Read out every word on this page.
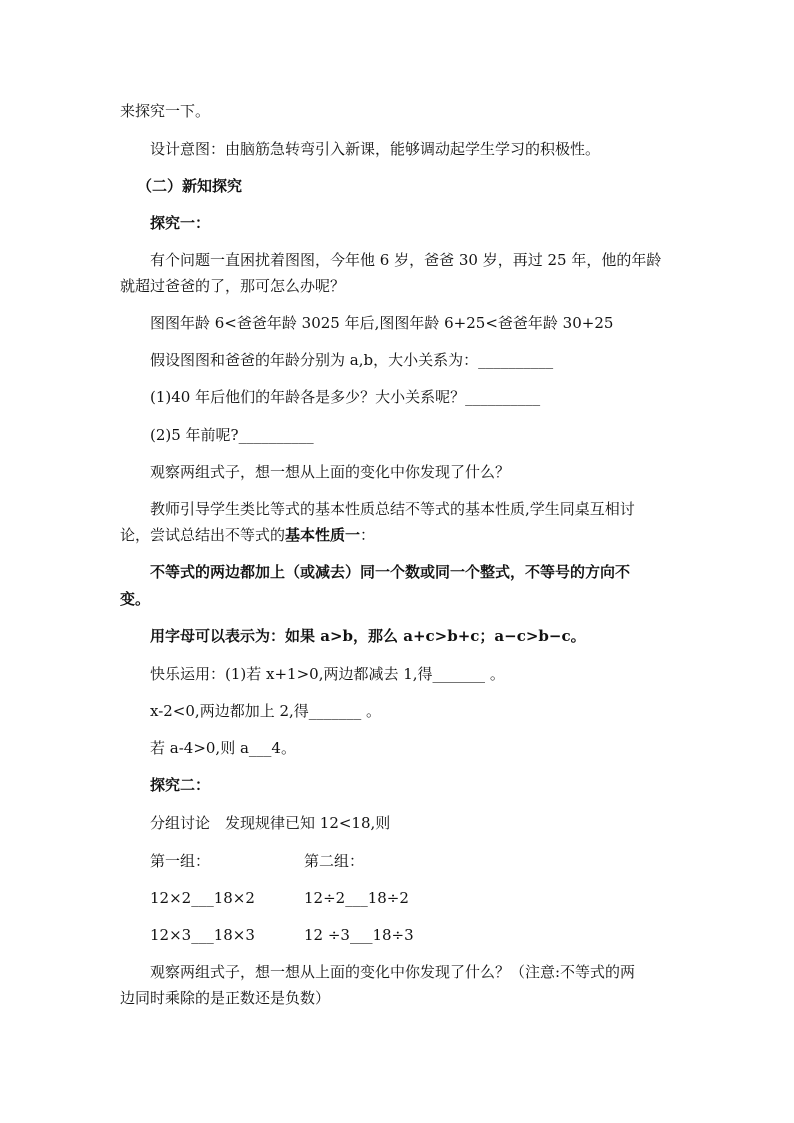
来探究一下。
设计意图：由脑筋急转弯引入新课，能够调动起学生学习的积极性。
（二）新知探究
探究一：
有个问题一直困扰着图图，今年他 6 岁，爸爸 30 岁，再过 25 年，他的年龄
就超过爸爸的了，那可怎么办呢？
图图年龄 6<爸爸年龄 3025 年后,图图年龄 6+25<爸爸年龄 30+25
假设图图和爸爸的年龄分别为 a,b，大小关系为：__________
(1)40 年后他们的年龄各是多少？大小关系呢？__________
(2)5 年前呢?__________
观察两组式子，想一想从上面的变化中你发现了什么？
教师引导学生类比等式的基本性质总结不等式的基本性质,学生同桌互相讨
论，尝试总结出不等式的基本性质一：
不等式的两边都加上（或减去）同一个数或同一个整式，不等号的方向不
变。
用字母可以表示为：如果 a>b，那么 a+c>b+c；a−c>b−c。
快乐运用：(1)若 x+1>0,两边都减去 1,得_______ 。
x-2<0,两边都加上 2,得_______ 。
若 a-4>0,则 a___4。
探究二：
分组讨论　发现规律已知 12<18,则
第一组：	第二组：
12×2___18×2	12÷2___18÷2
12×3___18×3	12 ÷3___18÷3
观察两组式子，想一想从上面的变化中你发现了什么？（注意:不等式的两
边同时乘除的是正数还是负数）
